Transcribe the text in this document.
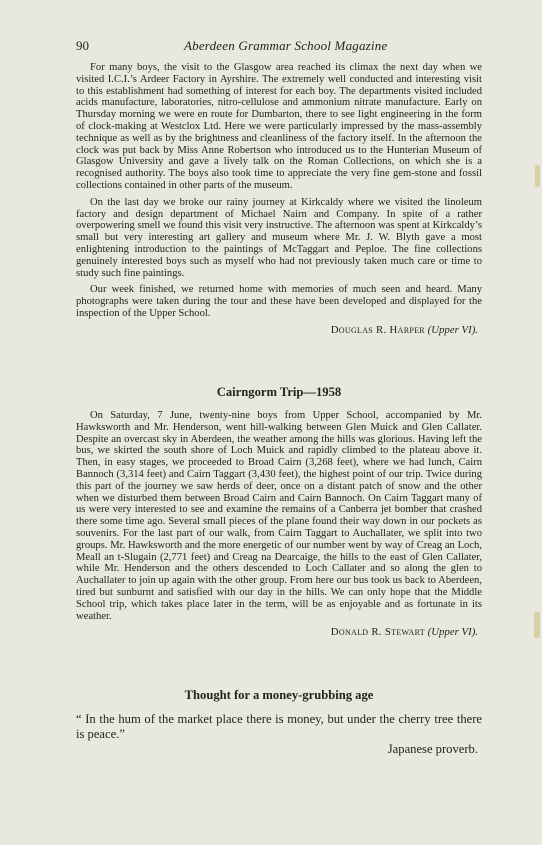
90	Aberdeen Grammar School Magazine

For many boys, the visit to the Glasgow area reached its climax the next day when we visited I.C.I.’s Ardeer Factory in Ayrshire. The extremely well conducted and interesting visit to this establishment had something of interest for each boy. The departments visited included acids manufacture, laboratories, nitro-cellulose and ammonium nitrate manufacture. Early on Thursday morning we were en route for Dumbarton, there to see light engineering in the form of clock-making at Westclox Ltd. Here we were particularly impressed by the mass-assembly technique as well as by the brightness and cleanliness of the factory itself. In the afternoon the clock was put back by Miss Anne Robertson who introduced us to the Hunterian Museum of Glasgow University and gave a lively talk on the Roman Collections, on which she is a recognised authority. The boys also took time to appreciate the very fine gem-stone and fossil collections contained in other parts of the museum.

On the last day we broke our rainy journey at Kirkcaldy where we visited the linoleum factory and design department of Michael Nairn and Company. In spite of a rather overpowering smell we found this visit very instructive. The afternoon was spent at Kirkcaldy’s small but very interesting art gallery and museum where Mr. J. W. Blyth gave a most enlightening introduction to the paintings of McTaggart and Peploe. The fine collections genuinely interested boys such as myself who had not previously taken much care or time to study such fine paintings.

Our week finished, we returned home with memories of much seen and heard. Many photographs were taken during the tour and these have been developed and displayed for the inspection of the Upper School.

Douglas R. Harper (Upper VI).
Cairngorm Trip—1958

On Saturday, 7 June, twenty-nine boys from Upper School, accompanied by Mr. Hawksworth and Mr. Henderson, went hill-walking between Glen Muick and Glen Callater. Despite an overcast sky in Aberdeen, the weather among the hills was glorious. Having left the bus, we skirted the south shore of Loch Muick and rapidly climbed to the plateau above it. Then, in easy stages, we proceeded to Broad Cairn (3,268 feet), where we had lunch, Cairn Bannoch (3,314 feet) and Cairn Taggart (3,430 feet), the highest point of our trip. Twice during this part of the journey we saw herds of deer, once on a distant patch of snow and the other when we disturbed them between Broad Cairn and Cairn Bannoch. On Cairn Taggart many of us were very interested to see and examine the remains of a Canberra jet bomber that crashed there some time ago. Several small pieces of the plane found their way down in our pockets as souvenirs. For the last part of our walk, from Cairn Taggart to Auchallater, we split into two groups. Mr. Hawksworth and the more energetic of our number went by way of Creag an Loch, Meall an t-Slugain (2,771 feet) and Creag na Dearcaige, the hills to the east of Glen Callater, while Mr. Henderson and the others descended to Loch Callater and so along the glen to Auchallater to join up again with the other group. From here our bus took us back to Aberdeen, tired but sunburnt and satisfied with our day in the hills. We can only hope that the Middle School trip, which takes place later in the term, will be as enjoyable and as fortunate in its weather.

Donald R. Stewart (Upper VI).
Thought for a money-grubbing age
“ In the hum of the market place there is money, but under the cherry tree there is peace.”
Japanese proverb.
